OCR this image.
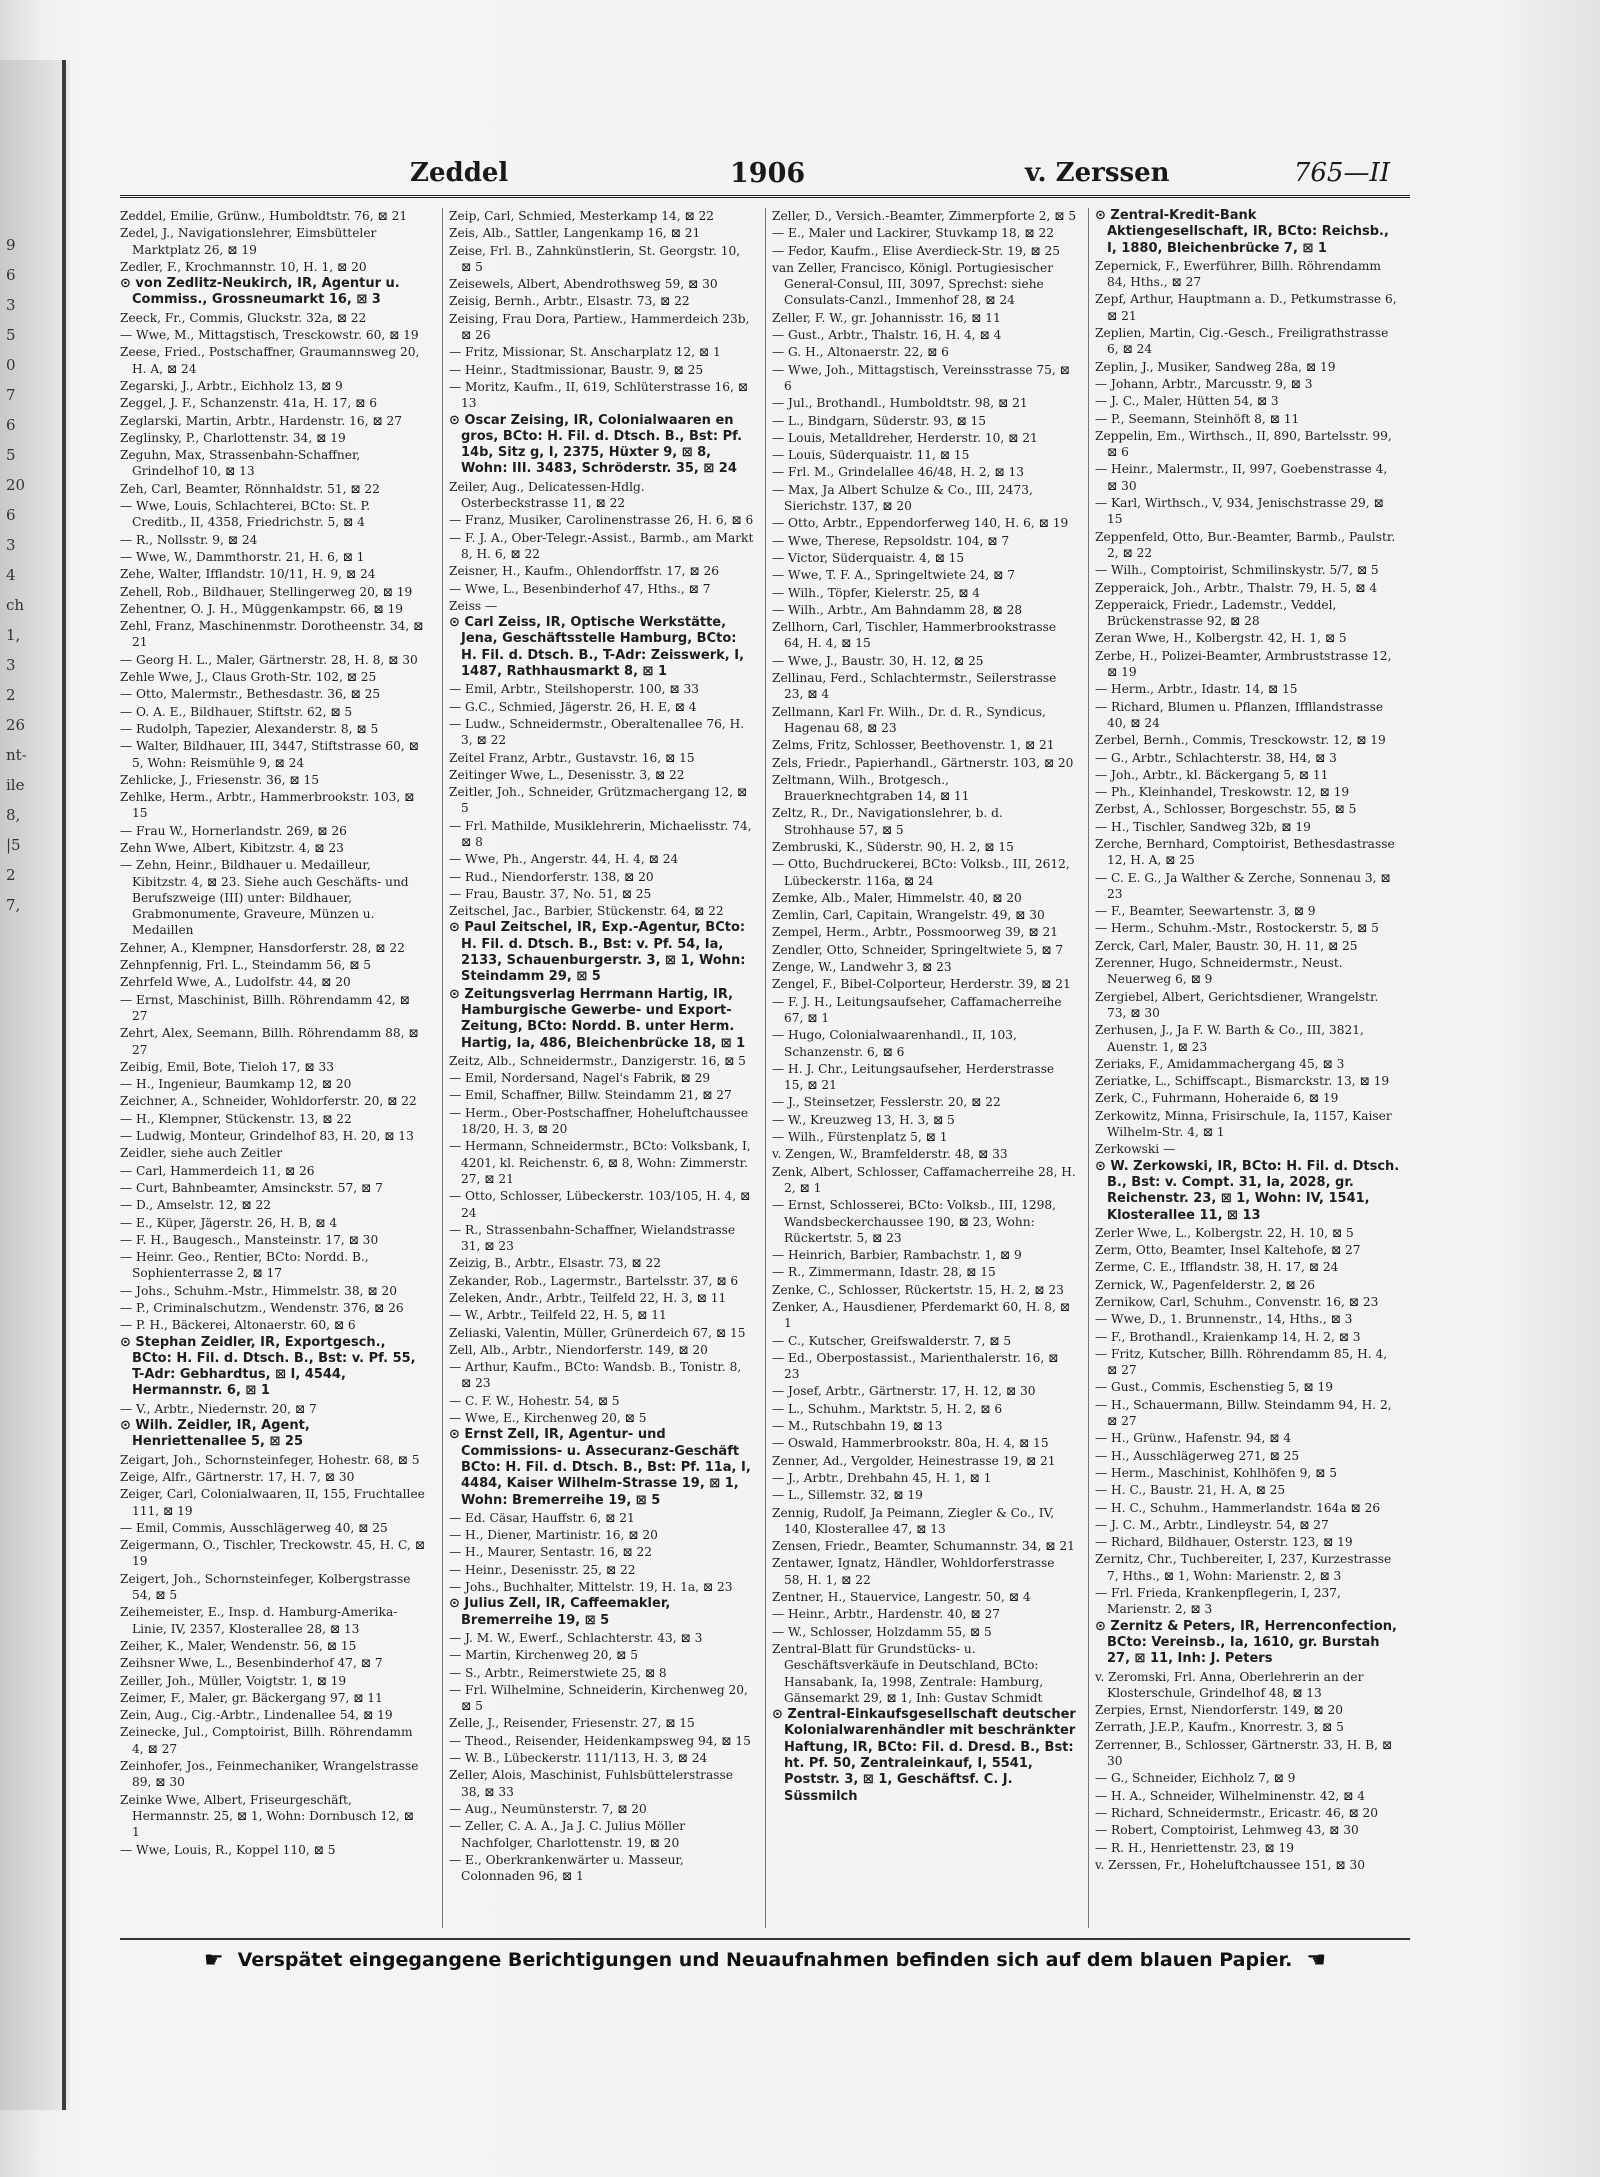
9
6
3
5
0
7
6
5
20
6
3
4
ch
1,
3
2
26
nt-
ile
8,
|5
2
7,
Zeddel	1906	v. Zerssen	765—II
Zeddel, Emilie, Grünw., Humboldtstr. 76, ⊠ 21
Zedel, J., Navigationslehrer, Eimsbütteler Marktplatz 26, ⊠ 19
Zedler, F., Krochmannstr. 10, H. 1, ⊠ 20
⊙ von Zedlitz-Neukirch, IR, Agentur u. Commiss., Grossneumarkt 16, ⊠ 3
Zeeck, Fr., Commis, Gluckstr. 32a, ⊠ 22
— Wwe, M., Mittagstisch, Tresckowstr. 60, ⊠ 19
Zeese, Fried., Postschaffner, Graumannsweg 20, H. A, ⊠ 24
Zegarski, J., Arbtr., Eichholz 13, ⊠ 9
Zeggel, J. F., Schanzenstr. 41a, H. 17, ⊠ 6
Zeglarski, Martin, Arbtr., Hardenstr. 16, ⊠ 27
Zeglinsky, P., Charlottenstr. 34, ⊠ 19
Zeguhn, Max, Strassenbahn-Schaffner, Grindelhof 10, ⊠ 13
Zeh, Carl, Beamter, Rönnhaldstr. 51, ⊠ 22
— Wwe, Louis, Schlachterei, BCto: St. P. Creditb., II, 4358, Friedrichstr. 5, ⊠ 4
— R., Nollsstr. 9, ⊠ 24
— Wwe, W., Dammthorstr. 21, H. 6, ⊠ 1
Zehe, Walter, Ifflandstr. 10/11, H. 9, ⊠ 24
Zehell, Rob., Bildhauer, Stellingerweg 20, ⊠ 19
Zehentner, O. J. H., Müggenkampstr. 66, ⊠ 19
Zehl, Franz, Maschinenmstr. Dorotheenstr. 34, ⊠ 21
— Georg H. L., Maler, Gärtnerstr. 28, H. 8, ⊠ 30
Zehle Wwe, J., Claus Groth-Str. 102, ⊠ 25
— Otto, Malermstr., Bethesdastr. 36, ⊠ 25
— O. A. E., Bildhauer, Stiftstr. 62, ⊠ 5
— Rudolph, Tapezier, Alexanderstr. 8, ⊠ 5
— Walter, Bildhauer, III, 3447, Stiftstrasse 60, ⊠ 5, Wohn: Reismühle 9, ⊠ 24
Zehlicke, J., Friesenstr. 36, ⊠ 15
Zehlke, Herm., Arbtr., Hammerbrookstr. 103, ⊠ 15
— Frau W., Hornerlandstr. 269, ⊠ 26
Zehn Wwe, Albert, Kibitzstr. 4, ⊠ 23
— Zehn, Heinr., Bildhauer u. Medailleur, Kibitzstr. 4, ⊠ 23. Siehe auch Geschäfts- und Berufszweige (III) unter: Bildhauer, Grabmonumente, Graveure, Münzen u. Medaillen
Zehner, A., Klempner, Hansdorferstr. 28, ⊠ 22
Zehnpfennig, Frl. L., Steindamm 56, ⊠ 5
Zehrfeld Wwe, A., Ludolfstr. 44, ⊠ 20
— Ernst, Maschinist, Billh. Röhrendamm 42, ⊠ 27
Zehrt, Alex, Seemann, Billh. Röhrendamm 88, ⊠ 27
Zeibig, Emil, Bote, Tieloh 17, ⊠ 33
— H., Ingenieur, Baumkamp 12, ⊠ 20
Zeichner, A., Schneider, Wohldorferstr. 20, ⊠ 22
— H., Klempner, Stückenstr. 13, ⊠ 22
— Ludwig, Monteur, Grindelhof 83, H. 20, ⊠ 13
Zeidler, siehe auch Zeitler
— Carl, Hammerdeich 11, ⊠ 26
— Curt, Bahnbeamter, Amsinckstr. 57, ⊠ 7
— D., Amselstr. 12, ⊠ 22
— E., Küper, Jägerstr. 26, H. B, ⊠ 4
— F. H., Baugesch., Mansteinstr. 17, ⊠ 30
— Heinr. Geo., Rentier, BCto: Nordd. B., Sophienterrasse 2, ⊠ 17
— Johs., Schuhm.-Mstr., Himmelstr. 38, ⊠ 20
— P., Criminalschutzm., Wendenstr. 376, ⊠ 26
— P. H., Bäckerei, Altonaerstr. 60, ⊠ 6
⊙ Stephan Zeidler, IR, Exportgesch., BCto: H. Fil. d. Dtsch. B., Bst: v. Pf. 55, T-Adr: Gebhardtus, ⊠ I, 4544, Hermannstr. 6, ⊠ 1
— V., Arbtr., Niedernstr. 20, ⊠ 7
⊙ Wilh. Zeidler, IR, Agent, Henriettenallee 5, ⊠ 25
Zeigart, Joh., Schornsteinfeger, Hohestr. 68, ⊠ 5
Zeige, Alfr., Gärtnerstr. 17, H. 7, ⊠ 30
Zeiger, Carl, Colonialwaaren, II, 155, Fruchtallee 111, ⊠ 19
— Emil, Commis, Ausschlägerweg 40, ⊠ 25
Zeigermann, O., Tischler, Treckowstr. 45, H. C, ⊠ 19
Zeigert, Joh., Schornsteinfeger, Kolbergstrasse 54, ⊠ 5
Zeihemeister, E., Insp. d. Hamburg-Amerika-Linie, IV, 2357, Klosterallee 28, ⊠ 13
Zeiher, K., Maler, Wendenstr. 56, ⊠ 15
Zeihsner Wwe, L., Besenbinderhof 47, ⊠ 7
Zeiller, Joh., Müller, Voigtstr. 1, ⊠ 19
Zeimer, F., Maler, gr. Bäckergang 97, ⊠ 11
Zein, Aug., Cig.-Arbtr., Lindenallee 54, ⊠ 19
Zeinecke, Jul., Comptoirist, Billh. Röhrendamm 4, ⊠ 27
Zeinhofer, Jos., Feinmechaniker, Wrangelstrasse 89, ⊠ 30
Zeinke Wwe, Albert, Friseurgeschäft, Hermannstr. 25, ⊠ 1, Wohn: Dornbusch 12, ⊠ 1
— Wwe, Louis, R., Koppel 110, ⊠ 5
Zeip, Carl, Schmied, Mesterkamp 14, ⊠ 22
Zeis, Alb., Sattler, Langenkamp 16, ⊠ 21
Zeise, Frl. B., Zahnkünstlerin, St. Georgstr. 10, ⊠ 5
Zeisewels, Albert, Abendrothsweg 59, ⊠ 30
Zeisig, Bernh., Arbtr., Elsastr. 73, ⊠ 22
Zeising, Frau Dora, Partiew., Hammerdeich 23b, ⊠ 26
— Fritz, Missionar, St. Anscharplatz 12, ⊠ 1
— Heinr., Stadtmissionar, Baustr. 9, ⊠ 25
— Moritz, Kaufm., II, 619, Schlüterstrasse 16, ⊠ 13
⊙ Oscar Zeising, IR, Colonialwaaren en gros, BCto: H. Fil. d. Dtsch. B., Bst: Pf. 14b, Sitz g, I, 2375, Hüxter 9, ⊠ 8, Wohn: III. 3483, Schröderstr. 35, ⊠ 24
Zeiler, Aug., Delicatessen-Hdlg. Osterbeckstrasse 11, ⊠ 22
— Franz, Musiker, Carolinenstrasse 26, H. 6, ⊠ 6
— F. J. A., Ober-Telegr.-Assist., Barmb., am Markt 8, H. 6, ⊠ 22
Zeisner, H., Kaufm., Ohlendorffstr. 17, ⊠ 26
— Wwe, L., Besenbinderhof 47, Hths., ⊠ 7
Zeiss —
⊙ Carl Zeiss, IR, Optische Werkstätte, Jena, Geschäftsstelle Hamburg, BCto: H. Fil. d. Dtsch. B., T-Adr: Zeisswerk, I, 1487, Rathhausmarkt 8, ⊠ 1
— Emil, Arbtr., Steilshoperstr. 100, ⊠ 33
— G.C., Schmied, Jägerstr. 26, H. E, ⊠ 4
— Ludw., Schneidermstr., Oberaltenallee 76, H. 3, ⊠ 22
Zeitel Franz, Arbtr., Gustavstr. 16, ⊠ 15
Zeitinger Wwe, L., Desenisstr. 3, ⊠ 22
Zeitler, Joh., Schneider, Grützmachergang 12, ⊠ 5
— Frl. Mathilde, Musiklehrerin, Michaelisstr. 74, ⊠ 8
— Wwe, Ph., Angerstr. 44, H. 4, ⊠ 24
— Rud., Niendorferstr. 138, ⊠ 20
— Frau, Baustr. 37, No. 51, ⊠ 25
Zeitschel, Jac., Barbier, Stückenstr. 64, ⊠ 22
⊙ Paul Zeitschel, IR, Exp.-Agentur, BCto: H. Fil. d. Dtsch. B., Bst: v. Pf. 54, Ia, 2133, Schauenburgerstr. 3, ⊠ 1, Wohn: Steindamm 29, ⊠ 5
⊙ Zeitungsverlag Herrmann Hartig, IR, Hamburgische Gewerbe- und Export-Zeitung, BCto: Nordd. B. unter Herm. Hartig, Ia, 486, Bleichenbrücke 18, ⊠ 1
Zeitz, Alb., Schneidermstr., Danzigerstr. 16, ⊠ 5
— Emil, Nordersand, Nagel's Fabrik, ⊠ 29
— Emil, Schaffner, Billw. Steindamm 21, ⊠ 27
— Herm., Ober-Postschaffner, Hoheluftchaussee 18/20, H. 3, ⊠ 20
— Hermann, Schneidermstr., BCto: Volksbank, I, 4201, kl. Reichenstr. 6, ⊠ 8, Wohn: Zimmerstr. 27, ⊠ 21
— Otto, Schlosser, Lübeckerstr. 103/105, H. 4, ⊠ 24
— R., Strassenbahn-Schaffner, Wielandstrasse 31, ⊠ 23
Zeizig, B., Arbtr., Elsastr. 73, ⊠ 22
Zekander, Rob., Lagermstr., Bartelsstr. 37, ⊠ 6
Zeleken, Andr., Arbtr., Teilfeld 22, H. 3, ⊠ 11
— W., Arbtr., Teilfeld 22, H. 5, ⊠ 11
Zeliaski, Valentin, Müller, Grünerdeich 67, ⊠ 15
Zell, Alb., Arbtr., Niendorferstr. 149, ⊠ 20
— Arthur, Kaufm., BCto: Wandsb. B., Tonistr. 8, ⊠ 23
— C. F. W., Hohestr. 54, ⊠ 5
— Wwe, E., Kirchenweg 20, ⊠ 5
⊙ Ernst Zell, IR, Agentur- und Commissions- u. Assecuranz-Geschäft BCto: H. Fil. d. Dtsch. B., Bst: Pf. 11a, I, 4484, Kaiser Wilhelm-Strasse 19, ⊠ 1, Wohn: Bremerreihe 19, ⊠ 5
— Ed. Cäsar, Hauffstr. 6, ⊠ 21
— H., Diener, Martinistr. 16, ⊠ 20
— H., Maurer, Sentastr. 16, ⊠ 22
— Heinr., Desenisstr. 25, ⊠ 22
— Johs., Buchhalter, Mittelstr. 19, H. 1a, ⊠ 23
⊙ Julius Zell, IR, Caffeemakler, Bremerreihe 19, ⊠ 5
— J. M. W., Ewerf., Schlachterstr. 43, ⊠ 3
— Martin, Kirchenweg 20, ⊠ 5
— S., Arbtr., Reimerstwiete 25, ⊠ 8
— Frl. Wilhelmine, Schneiderin, Kirchenweg 20, ⊠ 5
Zelle, J., Reisender, Friesenstr. 27, ⊠ 15
— Theod., Reisender, Heidenkampsweg 94, ⊠ 15
— W. B., Lübeckerstr. 111/113, H. 3, ⊠ 24
Zeller, Alois, Maschinist, Fuhlsbüttelerstrasse 38, ⊠ 33
— Aug., Neumünsterstr. 7, ⊠ 20
— Zeller, C. A. A., Ja J. C. Julius Möller Nachfolger, Charlottenstr. 19, ⊠ 20
— E., Oberkrankenwärter u. Masseur, Colonnaden 96, ⊠ 1
Zeller, D., Versich.-Beamter, Zimmerpforte 2, ⊠ 5
— E., Maler und Lackirer, Stuvkamp 18, ⊠ 22
— Fedor, Kaufm., Elise Averdieck-Str. 19, ⊠ 25
van Zeller, Francisco, Königl. Portugiesischer General-Consul, III, 3097, Sprechst: siehe Consulats-Canzl., Immenhof 28, ⊠ 24
Zeller, F. W., gr. Johannisstr. 16, ⊠ 11
— Gust., Arbtr., Thalstr. 16, H. 4, ⊠ 4
— G. H., Altonaerstr. 22, ⊠ 6
— Wwe, Joh., Mittagstisch, Vereinsstrasse 75, ⊠ 6
— Jul., Brothandl., Humboldtstr. 98, ⊠ 21
— L., Bindgarn, Süderstr. 93, ⊠ 15
— Louis, Metalldreher, Herderstr. 10, ⊠ 21
— Louis, Süderquaistr. 11, ⊠ 15
— Frl. M., Grindelallee 46/48, H. 2, ⊠ 13
— Max, Ja Albert Schulze & Co., III, 2473, Sierichstr. 137, ⊠ 20
— Otto, Arbtr., Eppendorferweg 140, H. 6, ⊠ 19
— Wwe, Therese, Repsoldstr. 104, ⊠ 7
— Victor, Süderquaistr. 4, ⊠ 15
— Wwe, T. F. A., Springeltwiete 24, ⊠ 7
— Wilh., Töpfer, Kielerstr. 25, ⊠ 4
— Wilh., Arbtr., Am Bahndamm 28, ⊠ 28
Zellhorn, Carl, Tischler, Hammerbrookstrasse 64, H. 4, ⊠ 15
— Wwe, J., Baustr. 30, H. 12, ⊠ 25
Zellinau, Ferd., Schlachtermstr., Seilerstrasse 23, ⊠ 4
Zellmann, Karl Fr. Wilh., Dr. d. R., Syndicus, Hagenau 68, ⊠ 23
Zelms, Fritz, Schlosser, Beethovenstr. 1, ⊠ 21
Zels, Friedr., Papierhandl., Gärtnerstr. 103, ⊠ 20
Zeltmann, Wilh., Brotgesch., Brauerknechtgraben 14, ⊠ 11
Zeltz, R., Dr., Navigationslehrer, b. d. Strohhause 57, ⊠ 5
Zembruski, K., Süderstr. 90, H. 2, ⊠ 15
— Otto, Buchdruckerei, BCto: Volksb., III, 2612, Lübeckerstr. 116a, ⊠ 24
Zemke, Alb., Maler, Himmelstr. 40, ⊠ 20
Zemlin, Carl, Capitain, Wrangelstr. 49, ⊠ 30
Zempel, Herm., Arbtr., Possmoorweg 39, ⊠ 21
Zendler, Otto, Schneider, Springeltwiete 5, ⊠ 7
Zenge, W., Landwehr 3, ⊠ 23
Zengel, F., Bibel-Colporteur, Herderstr. 39, ⊠ 21
— F. J. H., Leitungsaufseher, Caffamacherreihe 67, ⊠ 1
— Hugo, Colonialwaarenhandl., II, 103, Schanzenstr. 6, ⊠ 6
— H. J. Chr., Leitungsaufseher, Herderstrasse 15, ⊠ 21
— J., Steinsetzer, Fesslerstr. 20, ⊠ 22
— W., Kreuzweg 13, H. 3, ⊠ 5
— Wilh., Fürstenplatz 5, ⊠ 1
v. Zengen, W., Bramfelderstr. 48, ⊠ 33
Zenk, Albert, Schlosser, Caffamacherreihe 28, H. 2, ⊠ 1
— Ernst, Schlosserei, BCto: Volksb., III, 1298, Wandsbeckerchaussee 190, ⊠ 23, Wohn: Rückertstr. 5, ⊠ 23
— Heinrich, Barbier, Rambachstr. 1, ⊠ 9
— R., Zimmermann, Idastr. 28, ⊠ 15
Zenke, C., Schlosser, Rückertstr. 15, H. 2, ⊠ 23
Zenker, A., Hausdiener, Pferdemarkt 60, H. 8, ⊠ 1
— C., Kutscher, Greifswalderstr. 7, ⊠ 5
— Ed., Oberpostassist., Marienthalerstr. 16, ⊠ 23
— Josef, Arbtr., Gärtnerstr. 17, H. 12, ⊠ 30
— L., Schuhm., Marktstr. 5, H. 2, ⊠ 6
— M., Rutschbahn 19, ⊠ 13
— Oswald, Hammerbrookstr. 80a, H. 4, ⊠ 15
Zenner, Ad., Vergolder, Heinestrasse 19, ⊠ 21
— J., Arbtr., Drehbahn 45, H. 1, ⊠ 1
— L., Sillemstr. 32, ⊠ 19
Zennig, Rudolf, Ja Peimann, Ziegler & Co., IV, 140, Klosterallee 47, ⊠ 13
Zensen, Friedr., Beamter, Schumannstr. 34, ⊠ 21
Zentawer, Ignatz, Händler, Wohldorferstrasse 58, H. 1, ⊠ 22
Zentner, H., Stauervice, Langestr. 50, ⊠ 4
— Heinr., Arbtr., Hardenstr. 40, ⊠ 27
— W., Schlosser, Holzdamm 55, ⊠ 5
Zentral-Blatt für Grundstücks- u. Geschäftsverkäufe in Deutschland, BCto: Hansabank, Ia, 1998, Zentrale: Hamburg, Gänsemarkt 29, ⊠ 1, Inh: Gustav Schmidt
⊙ Zentral-Einkaufsgesellschaft deutscher Kolonialwarenhändler mit beschränkter Haftung, IR, BCto: Fil. d. Dresd. B., Bst: ht. Pf. 50, Zentraleinkauf, I, 5541, Poststr. 3, ⊠ 1, Geschäftsf. C. J. Süssmilch
⊙ Zentral-Kredit-Bank Aktiengesellschaft, IR, BCto: Reichsb., I, 1880, Bleichenbrücke 7, ⊠ 1
Zepernick, F., Ewerführer, Billh. Röhrendamm 84, Hths., ⊠ 27
Zepf, Arthur, Hauptmann a. D., Petkumstrasse 6, ⊠ 21
Zeplien, Martin, Cig.-Gesch., Freiligrathstrasse 6, ⊠ 24
Zeplin, J., Musiker, Sandweg 28a, ⊠ 19
— Johann, Arbtr., Marcusstr. 9, ⊠ 3
— J. C., Maler, Hütten 54, ⊠ 3
— P., Seemann, Steinhöft 8, ⊠ 11
Zeppelin, Em., Wirthsch., II, 890, Bartelsstr. 99, ⊠ 6
— Heinr., Malermstr., II, 997, Goebenstrasse 4, ⊠ 30
— Karl, Wirthsch., V, 934, Jenischstrasse 29, ⊠ 15
Zeppenfeld, Otto, Bur.-Beamter, Barmb., Paulstr. 2, ⊠ 22
— Wilh., Comptoirist, Schmilinskystr. 5/7, ⊠ 5
Zepperaick, Joh., Arbtr., Thalstr. 79, H. 5, ⊠ 4
Zepperaick, Friedr., Lademstr., Veddel, Brückenstrasse 92, ⊠ 28
Zeran Wwe, H., Kolbergstr. 42, H. 1, ⊠ 5
Zerbe, H., Polizei-Beamter, Armbruststrasse 12, ⊠ 19
— Herm., Arbtr., Idastr. 14, ⊠ 15
— Richard, Blumen u. Pflanzen, Iffllandstrasse 40, ⊠ 24
Zerbel, Bernh., Commis, Tresckowstr. 12, ⊠ 19
— G., Arbtr., Schlachterstr. 38, H4, ⊠ 3
— Joh., Arbtr., kl. Bäckergang 5, ⊠ 11
— Ph., Kleinhandel, Treskowstr. 12, ⊠ 19
Zerbst, A., Schlosser, Borgeschstr. 55, ⊠ 5
— H., Tischler, Sandweg 32b, ⊠ 19
Zerche, Bernhard, Comptoirist, Bethesdastrasse 12, H. A, ⊠ 25
— C. E. G., Ja Walther & Zerche, Sonnenau 3, ⊠ 23
— F., Beamter, Seewartenstr. 3, ⊠ 9
— Herm., Schuhm.-Mstr., Rostockerstr. 5, ⊠ 5
Zerck, Carl, Maler, Baustr. 30, H. 11, ⊠ 25
Zerenner, Hugo, Schneidermstr., Neust. Neuerweg 6, ⊠ 9
Zergiebel, Albert, Gerichtsdiener, Wrangelstr. 73, ⊠ 30
Zerhusen, J., Ja F. W. Barth & Co., III, 3821, Auenstr. 1, ⊠ 23
Zeriaks, F., Amidammachergang 45, ⊠ 3
Zeriatke, L., Schiffscapt., Bismarckstr. 13, ⊠ 19
Zerk, C., Fuhrmann, Hoheraide 6, ⊠ 19
Zerkowitz, Minna, Frisirschule, Ia, 1157, Kaiser Wilhelm-Str. 4, ⊠ 1
Zerkowski —
⊙ W. Zerkowski, IR, BCto: H. Fil. d. Dtsch. B., Bst: v. Compt. 31, Ia, 2028, gr. Reichenstr. 23, ⊠ 1, Wohn: IV, 1541, Klosterallee 11, ⊠ 13
Zerler Wwe, L., Kolbergstr. 22, H. 10, ⊠ 5
Zerm, Otto, Beamter, Insel Kaltehofe, ⊠ 27
Zerme, C. E., Ifflandstr. 38, H. 17, ⊠ 24
Zernick, W., Pagenfelderstr. 2, ⊠ 26
Zernikow, Carl, Schuhm., Convenstr. 16, ⊠ 23
— Wwe, D., 1. Brunnenstr., 14, Hths., ⊠ 3
— F., Brothandl., Kraienkamp 14, H. 2, ⊠ 3
— Fritz, Kutscher, Billh. Röhrendamm 85, H. 4, ⊠ 27
— Gust., Commis, Eschenstieg 5, ⊠ 19
— H., Schauermann, Billw. Steindamm 94, H. 2, ⊠ 27
— H., Grünw., Hafenstr. 94, ⊠ 4
— H., Ausschlägerweg 271, ⊠ 25
— Herm., Maschinist, Kohlhöfen 9, ⊠ 5
— H. C., Baustr. 21, H. A, ⊠ 25
— H. C., Schuhm., Hammerlandstr. 164a ⊠ 26
— J. C. M., Arbtr., Lindleystr. 54, ⊠ 27
— Richard, Bildhauer, Osterstr. 123, ⊠ 19
Zernitz, Chr., Tuchbereiter, I, 237, Kurzestrasse 7, Hths., ⊠ 1, Wohn: Marienstr. 2, ⊠ 3
— Frl. Frieda, Krankenpflegerin, I, 237, Marienstr. 2, ⊠ 3
⊙ Zernitz & Peters, IR, Herrenconfection, BCto: Vereinsb., Ia, 1610, gr. Burstah 27, ⊠ 11, Inh: J. Peters
v. Zeromski, Frl. Anna, Oberlehrerin an der Klosterschule, Grindelhof 48, ⊠ 13
Zerpies, Ernst, Niendorferstr. 149, ⊠ 20
Zerrath, J.E.P., Kaufm., Knorrestr. 3, ⊠ 5
Zerrenner, B., Schlosser, Gärtnerstr. 33, H. B, ⊠ 30
— G., Schneider, Eichholz 7, ⊠ 9
— H. A., Schneider, Wilhelminenstr. 42, ⊠ 4
— Richard, Schneidermstr., Ericastr. 46, ⊠ 20
— Robert, Comptoirist, Lehmweg 43, ⊠ 30
— R. H., Henriettenstr. 23, ⊠ 19
v. Zerssen, Fr., Hoheluftchaussee 151, ⊠ 30
☛ Verspätet eingegangene Berichtigungen und Neuaufnahmen befinden sich auf dem blauen Papier. ☚
